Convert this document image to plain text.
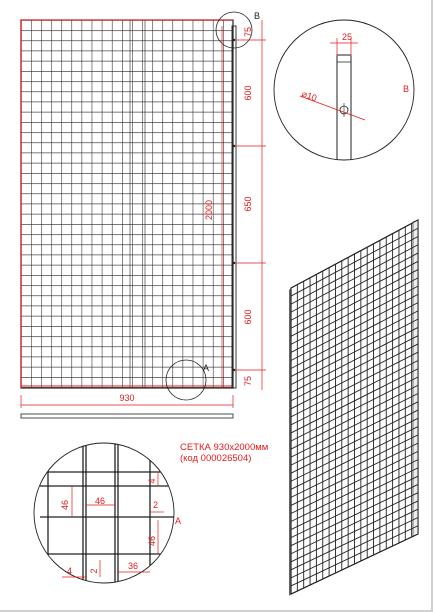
930
A
B
2000
75
600
650
600
75
25
⌀10	B
46	46
4
2
46
4 2	36
A
СЕТКА 930х2000мм
(код 000026504)
